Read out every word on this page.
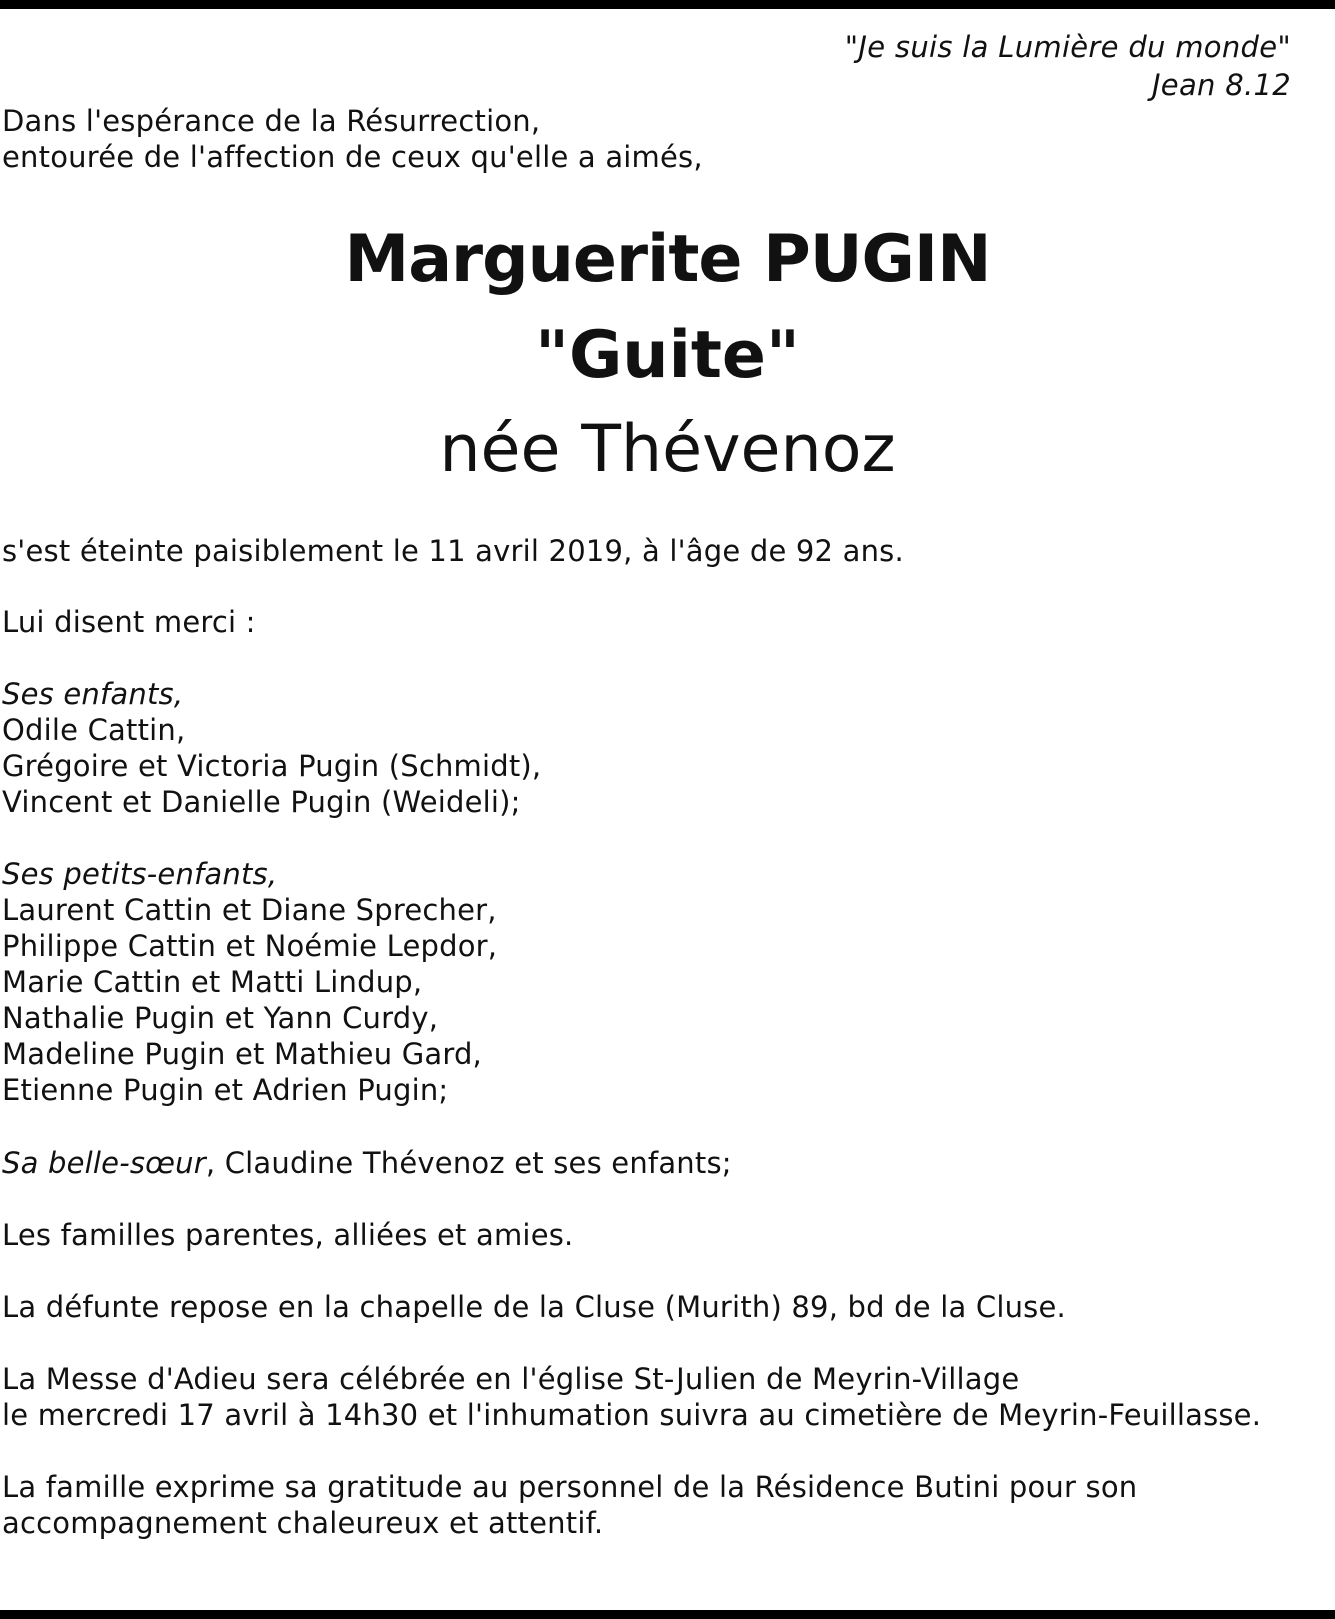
"Je suis la Lumière du monde"
Jean 8.12
Dans l'espérance de la Résurrection,
entourée de l'affection de ceux qu'elle a aimés,
Marguerite PUGIN
"Guite"
née Thévenoz
s'est éteinte paisiblement le 11 avril 2019, à l'âge de 92 ans.
Lui disent merci :
Ses enfants,
Odile Cattin,
Grégoire et Victoria Pugin (Schmidt),
Vincent et Danielle Pugin (Weideli);
Ses petits-enfants,
Laurent Cattin et Diane Sprecher,
Philippe Cattin et Noémie Lepdor,
Marie Cattin et Matti Lindup,
Nathalie Pugin et Yann Curdy,
Madeline Pugin et Mathieu Gard,
Etienne Pugin et Adrien Pugin;
Sa belle-sœur, Claudine Thévenoz et ses enfants;
Les familles parentes, alliées et amies.
La défunte repose en la chapelle de la Cluse (Murith) 89, bd de la Cluse.
La Messe d'Adieu sera célébrée en l'église St-Julien de Meyrin-Village
le mercredi 17 avril à 14h30 et l'inhumation suivra au cimetière de Meyrin-Feuillasse.
La famille exprime sa gratitude au personnel de la Résidence Butini pour son
accompagnement chaleureux et attentif.
